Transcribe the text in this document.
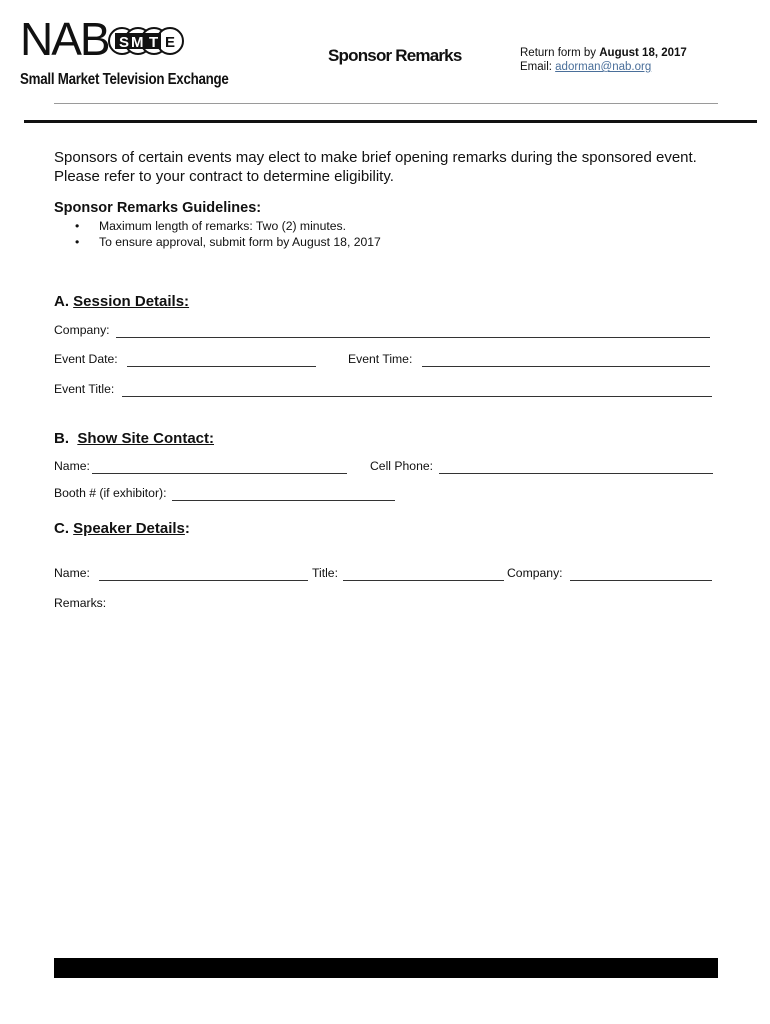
NAB S M T E
Small Market Television Exchange
Sponsor Remarks	Return form by August 18, 2017
Email: adorman@nab.org
Sponsors of certain events may elect to make brief opening remarks during the sponsored event. Please refer to your contract to determine eligibility.
Sponsor Remarks Guidelines:
• Maximum length of remarks: Two (2) minutes.
• To ensure approval, submit form by August 18, 2017
A. Session Details:
Company:
Event Date:	Event Time:
Event Title:
B.  Show Site Contact:
Name:	Cell Phone:
Booth # (if exhibitor):
C. Speaker Details:
Name:	Title:	Company:
Remarks:
